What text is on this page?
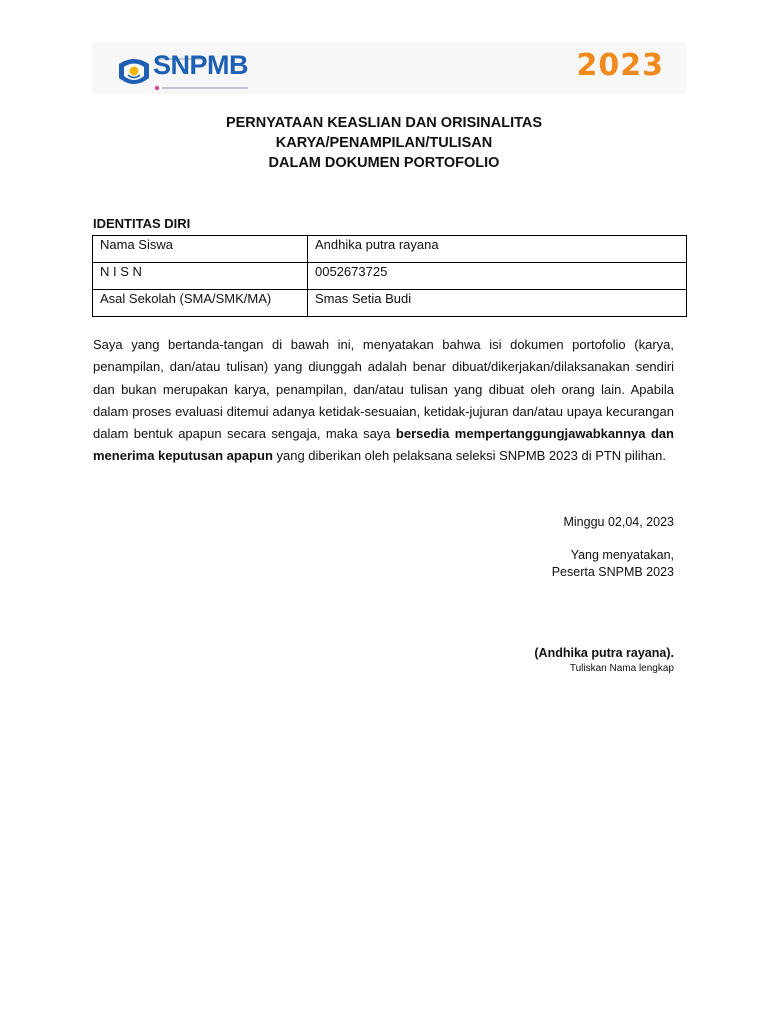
SNPMB	2023
PERNYATAAN KEASLIAN DAN ORISINALITAS
KARYA/PENAMPILAN/TULISAN
DALAM DOKUMEN PORTOFOLIO
IDENTITAS DIRI
Nama Siswa	Andhika putra rayana
N I S N	0052673725
Asal Sekolah (SMA/SMK/MA)	Smas Setia Budi
Saya yang bertanda-tangan di bawah ini, menyatakan bahwa isi dokumen portofolio (karya, penampilan, dan/atau tulisan) yang diunggah adalah benar dibuat/dikerjakan/dilaksanakan sendiri dan bukan merupakan karya, penampilan, dan/atau tulisan yang dibuat oleh orang lain. Apabila dalam proses evaluasi ditemui adanya ketidak-sesuaian, ketidak-jujuran dan/atau upaya kecurangan dalam bentuk apapun secara sengaja, maka saya bersedia mempertanggungjawabkannya dan menerima keputusan apapun yang diberikan oleh pelaksana seleksi SNPMB 2023 di PTN pilihan.
Minggu 02,04, 2023
Yang menyatakan,
Peserta SNPMB 2023
(Andhika putra rayana).
Tuliskan Nama lengkap
